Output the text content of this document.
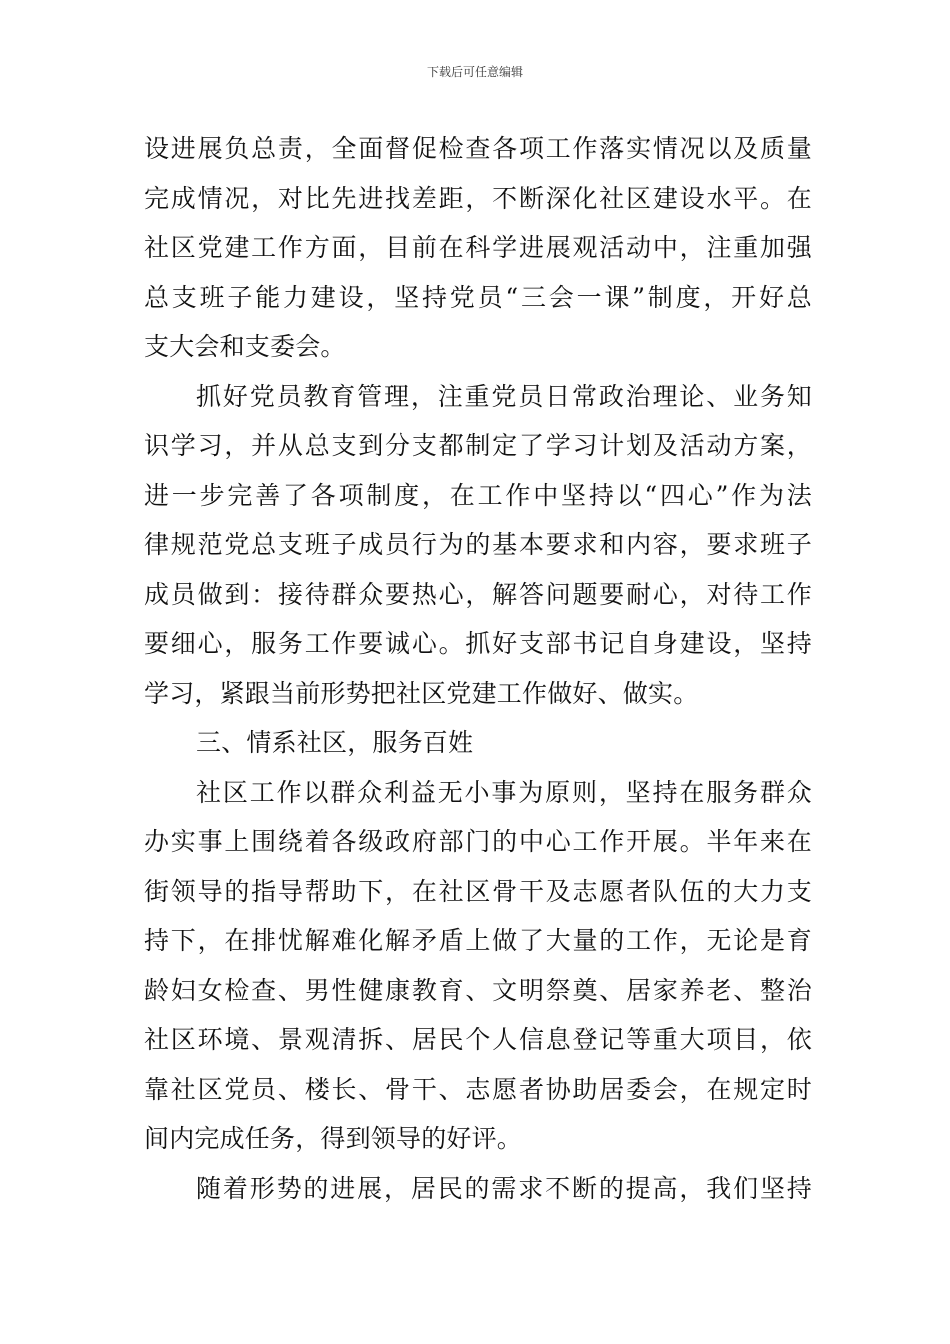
下载后可任意编辑
设进展负总责，全面督促检查各项工作落实情况以及质量
完成情况，对比先进找差距，不断深化社区建设水平。在
社区党建工作方面，目前在科学进展观活动中，注重加强
总支班子能力建设，坚持党员“三会一课”制度，开好总
支大会和支委会。
抓好党员教育管理，注重党员日常政治理论、业务知
识学习，并从总支到分支都制定了学习计划及活动方案，
进一步完善了各项制度，在工作中坚持以“四心”作为法
律规范党总支班子成员行为的基本要求和内容，要求班子
成员做到：接待群众要热心，解答问题要耐心，对待工作
要细心，服务工作要诚心。抓好支部书记自身建设，坚持
学习，紧跟当前形势把社区党建工作做好、做实。
三、情系社区，服务百姓
社区工作以群众利益无小事为原则，坚持在服务群众
办实事上围绕着各级政府部门的中心工作开展。半年来在
街领导的指导帮助下，在社区骨干及志愿者队伍的大力支
持下，在排忧解难化解矛盾上做了大量的工作，无论是育
龄妇女检查、男性健康教育、文明祭奠、居家养老、整治
社区环境、景观清拆、居民个人信息登记等重大项目，依
靠社区党员、楼长、骨干、志愿者协助居委会，在规定时
间内完成任务，得到领导的好评。
随着形势的进展，居民的需求不断的提高，我们坚持
